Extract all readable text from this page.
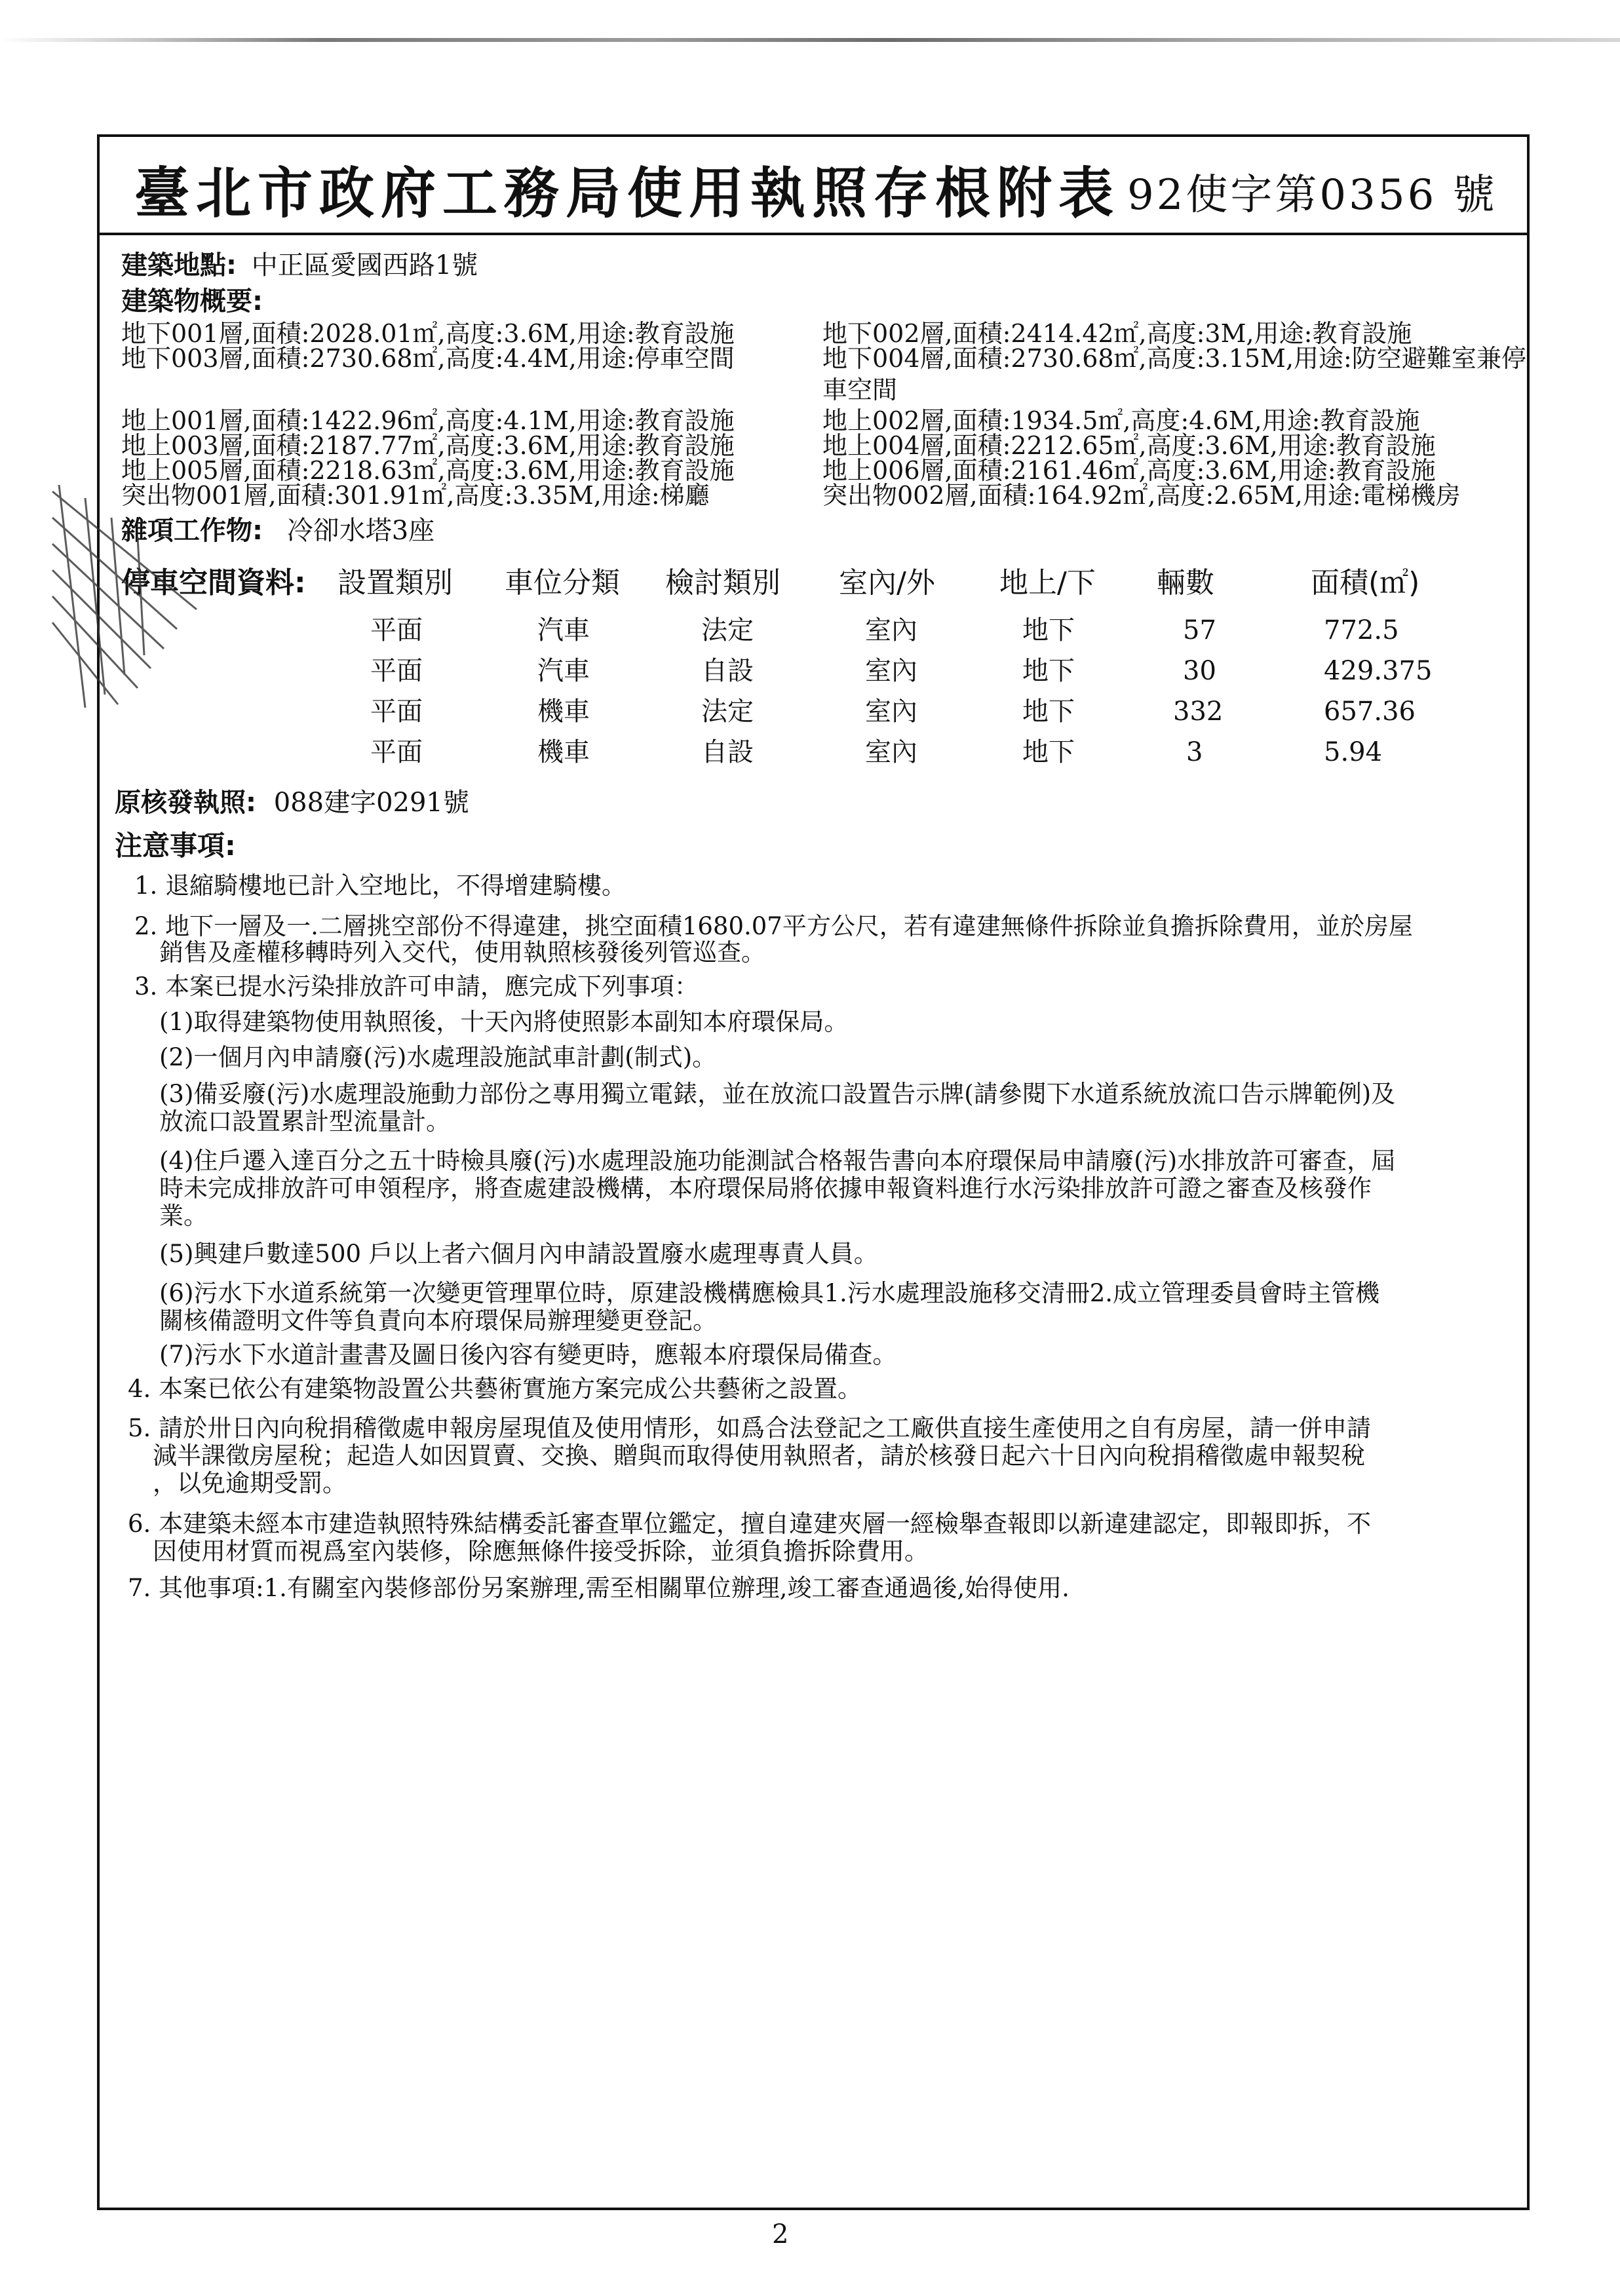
臺北市政府工務局使用執照存根附表 92使字第0356 號
建築地點: 中正區愛國西路1號
建築物概要:
地下001層,面積:2028.01㎡,高度:3.6M,用途:教育設施
地下003層,面積:2730.68㎡,高度:4.4M,用途:停車空間
地上001層,面積:1422.96㎡,高度:4.1M,用途:教育設施
地上003層,面積:2187.77㎡,高度:3.6M,用途:教育設施
地上005層,面積:2218.63㎡,高度:3.6M,用途:教育設施
突出物001層,面積:301.91㎡,高度:3.35M,用途:梯廳
地下002層,面積:2414.42㎡,高度:3M,用途:教育設施
地下004層,面積:2730.68㎡,高度:3.15M,用途:防空避難室兼停
車空間
地上002層,面積:1934.5㎡,高度:4.6M,用途:教育設施
地上004層,面積:2212.65㎡,高度:3.6M,用途:教育設施
地上006層,面積:2161.46㎡,高度:3.6M,用途:教育設施
突出物002層,面積:164.92㎡,高度:2.65M,用途:電梯機房
雜項工作物: 冷卻水塔3座
停車空間資料: 設置類別 車位分類 檢討類別 室內/外 地上/下 輛數	面積(㎡)
平面	汽車	法定	室內	地下	57	772.5
平面	汽車	自設	室內	地下	30	429.375
平面	機車	法定	室內	地下	332	657.36
平面	機車	自設	室內	地下	3	5.94
原核發執照: 088建字0291號
注意事項:
1. 退縮騎樓地已計入空地比，不得增建騎樓。
2. 地下一層及一.二層挑空部份不得違建，挑空面積1680.07平方公尺，若有違建無條件拆除並負擔拆除費用，並於房屋
銷售及產權移轉時列入交代，使用執照核發後列管巡查。
3. 本案已提水污染排放許可申請，應完成下列事項：
(1)取得建築物使用執照後，十天內將使照影本副知本府環保局。
(2)一個月內申請廢(污)水處理設施試車計劃(制式)。
(3)備妥廢(污)水處理設施動力部份之專用獨立電錶，並在放流口設置告示牌(請參閱下水道系統放流口告示牌範例)及
放流口設置累計型流量計。
(4)住戶遷入達百分之五十時檢具廢(污)水處理設施功能測試合格報告書向本府環保局申請廢(污)水排放許可審查，屆
時未完成排放許可申領程序，將查處建設機構，本府環保局將依據申報資料進行水污染排放許可證之審查及核發作
業。
(5)興建戶數達500 戶以上者六個月內申請設置廢水處理專責人員。
(6)污水下水道系統第一次變更管理單位時，原建設機構應檢具1.污水處理設施移交清冊2.成立管理委員會時主管機
關核備證明文件等負責向本府環保局辦理變更登記。
(7)污水下水道計畫書及圖日後內容有變更時，應報本府環保局備查。
4. 本案已依公有建築物設置公共藝術實施方案完成公共藝術之設置。
5. 請於卅日內向稅捐稽徵處申報房屋現值及使用情形，如爲合法登記之工廠供直接生產使用之自有房屋，請一併申請
減半課徵房屋稅；起造人如因買賣、交換、贈與而取得使用執照者，請於核發日起六十日內向稅捐稽徵處申報契稅
，以免逾期受罰。
6. 本建築未經本市建造執照特殊結構委託審查單位鑑定，擅自違建夾層一經檢舉查報即以新違建認定，即報即拆，不
因使用材質而視爲室內裝修，除應無條件接受拆除，並須負擔拆除費用。
7. 其他事項:1.有關室內裝修部份另案辦理,需至相關單位辦理,竣工審查通過後,始得使用.
2
